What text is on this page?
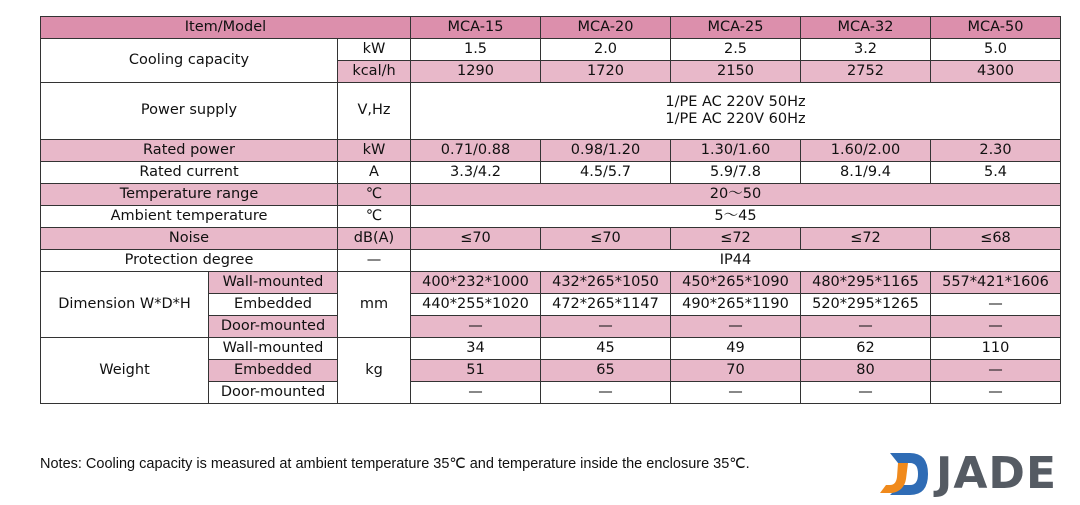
Item/Model			MCA-15	MCA-20	MCA-25	MCA-32	MCA-50
Cooling capacity		kW	1.5	2.0	2.5	3.2	5.0
		kcal/h	1290	1720	2150	2752	4300
Power supply		V,Hz	1/PE AC 220V 50Hz
1/PE AC 220V 60Hz				

Rated power		kW	0.71/0.88	0.98/1.20	1.30/1.60	1.60/2.00	2.30
Rated current		A	3.3/4.2	4.5/5.7	5.9/7.8	8.1/9.4	5.4
Temperature range		℃	20～50				
Ambient temperature		℃	5～45				
Noise		dB(A)	≤70	≤70	≤72	≤72	≤68
Protection degree		—	IP44				
Dimension W*D*H	Wall-mounted	mm	400*232*1000	432*265*1050	450*265*1090	480*295*1165	557*421*1606
	Embedded		440*255*1020	472*265*1147	490*265*1190	520*295*1265	—
	Door-mounted		—	—	—	—	—
Weight	Wall-mounted	kg	34	45	49	62	110
	Embedded		51	65	70	80	—
	Door-mounted		—	—	—	—	—

Notes: Cooling capacity is measured at ambient temperature 35℃ and temperature inside the enclosure 35℃.	JADE
